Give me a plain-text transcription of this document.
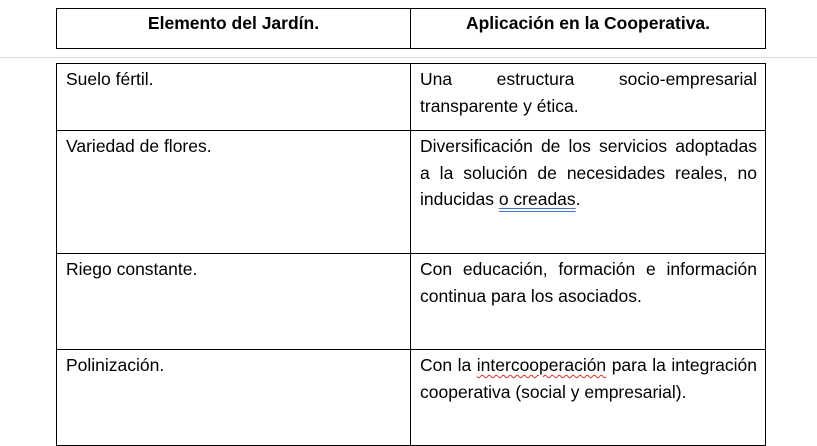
Elemento del Jardín.	Aplicación en la Cooperativa.
Suelo fértil.	Una estructura socio-empresarial transparente y ética.
Variedad de flores.	Diversificación de los servicios adoptadas a la solución de necesidades reales, no inducidas o creadas.
Riego constante.	Con educación, formación e información continua para los asociados.
Polinización.	Con la intercooperación para la integración cooperativa (social y empresarial).
